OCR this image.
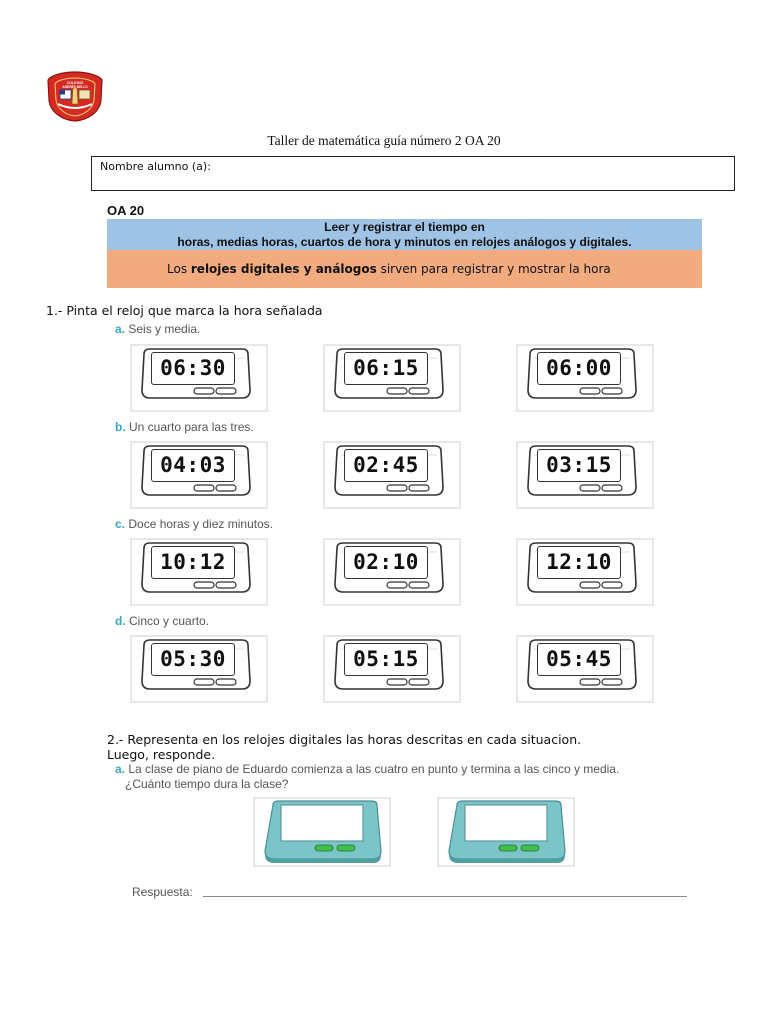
COLEGIO
ANDRÉS BELLO
Taller de matemática guía número 2 OA 20
Nombre alumno (a):
OA 20
Leer y registrar el tiempo en
horas, medias horas, cuartos de hora y minutos en relojes análogos y digitales.
Los relojes digitales y análogos sirven para registrar y mostrar la hora
1.- Pinta el reloj que marca la hora señalada
a. Seis y media.
b. Un cuarto para las tres.
c. Doce horas y diez minutos.
d. Cinco y cuarto.
06:30	06:15	06:00
04:03	02:45	03:15
10:12	02:10	12:10
05:30	05:15	05:45
2.- Representa en los relojes digitales las horas descritas en cada situacion.
Luego, responde.
a. La clase de piano de Eduardo comienza a las cuatro en punto y termina a las cinco y media.
¿Cuánto tiempo dura la clase?
Respuesta:
